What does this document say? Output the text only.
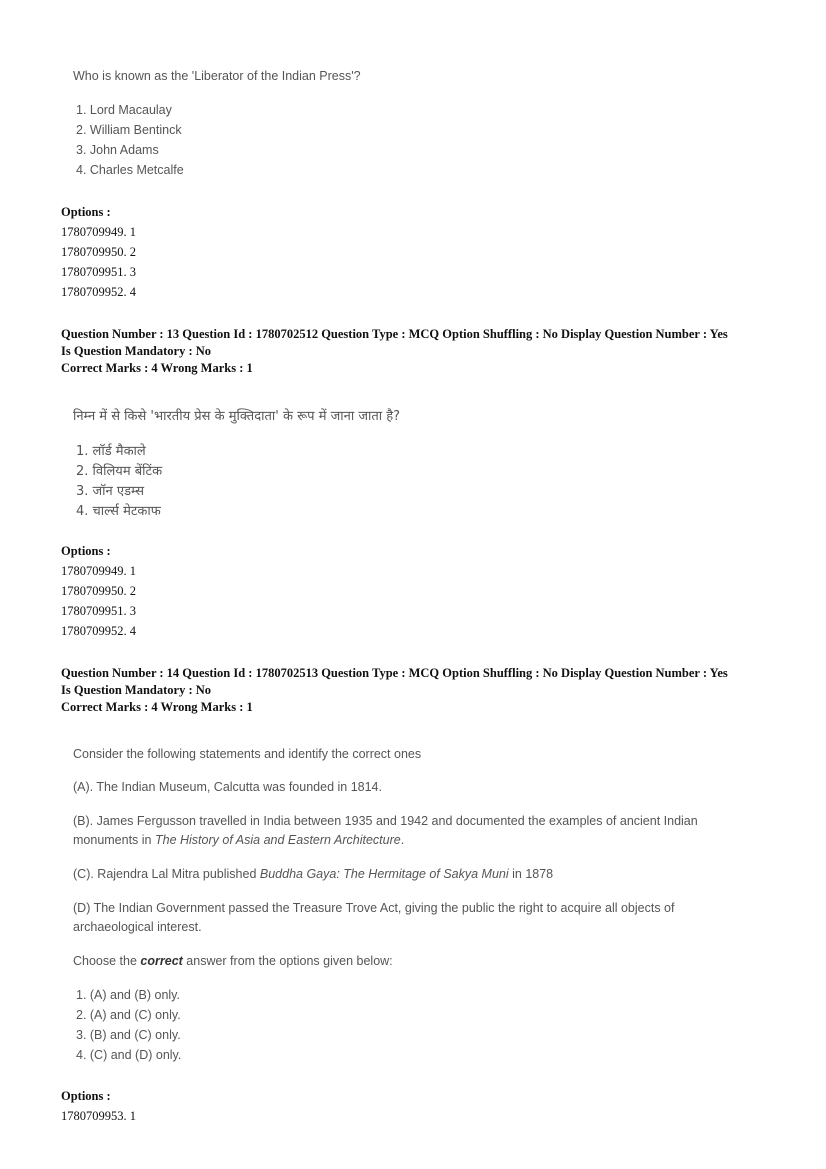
Who is known as the 'Liberator of the Indian Press'?
1. Lord Macaulay
2. William Bentinck
3. John Adams
4. Charles Metcalfe
Options :
1780709949. 1
1780709950. 2
1780709951. 3
1780709952. 4
Question Number : 13 Question Id : 1780702512 Question Type : MCQ Option Shuffling : No Display Question Number : Yes
Is Question Mandatory : No
Correct Marks : 4 Wrong Marks : 1
निम्न में से किसे 'भारतीय प्रेस के मुक्तिदाता' के रूप में जाना जाता है?
1. लॉर्ड मैकाले
2. विलियम बेंटिंक
3. जॉन एडम्स
4. चार्ल्स मेटकाफ
Options :
1780709949. 1
1780709950. 2
1780709951. 3
1780709952. 4
Question Number : 14 Question Id : 1780702513 Question Type : MCQ Option Shuffling : No Display Question Number : Yes
Is Question Mandatory : No
Correct Marks : 4 Wrong Marks : 1
Consider the following statements and identify the correct ones
(A). The Indian Museum, Calcutta was founded in 1814.
(B). James Fergusson travelled in India between 1935 and 1942 and documented the examples of ancient Indian
monuments in The History of Asia and Eastern Architecture.
(C). Rajendra Lal Mitra published Buddha Gaya: The Hermitage of Sakya Muni in 1878
(D) The Indian Government passed the Treasure Trove Act, giving the public the right to acquire all objects of
archaeological interest.
Choose the correct answer from the options given below:
1. (A) and (B) only.
2. (A) and (C) only.
3. (B) and (C) only.
4. (C) and (D) only.
Options :
1780709953. 1
